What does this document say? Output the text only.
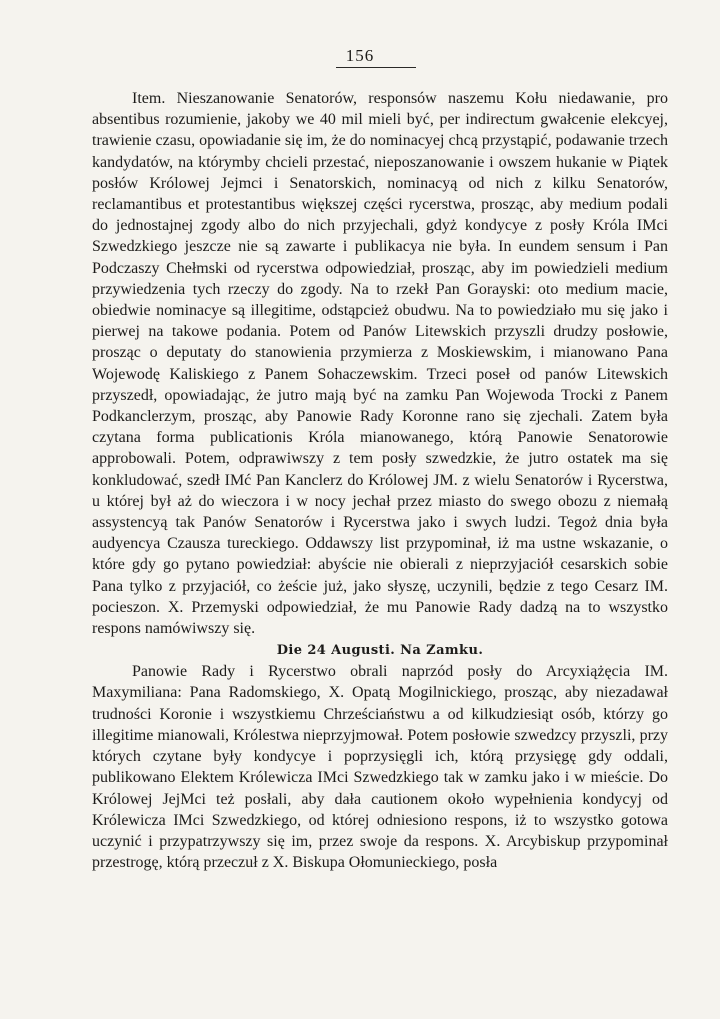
156

Item. Nieszanowanie Senatorów, responsów naszemu Kołu niedawanie, pro absentibus rozumienie, jakoby we 40 mil mieli być, per indirectum gwałcenie elekcyej, trawienie czasu, opowiadanie się im, że do nominacyej chcą przystąpić, podawanie trzech kandydatów, na którymby chcieli przestać, nieposzanowanie i owszem hukanie w Piątek posłów Królowej Jejmci i Senatorskich, nominacyą od nich z kilku Senatorów, reclamantibus et protestantibus większej części rycerstwa, prosząc, aby medium podali do jednostajnej zgody albo do nich przyjechali, gdyż kondycye z posły Króla IMci Szwedzkiego jeszcze nie są zawarte i publikacya nie była. In eundem sensum i Pan Podczaszy Chełmski od rycerstwa odpowiedział, prosząc, aby im powiedzieli medium przywiedzenia tych rzeczy do zgody. Na to rzekł Pan Gorayski: oto medium macie, obiedwie nominacye są illegitime, odstąpcież obudwu. Na to powiedziało mu się jako i pierwej na takowe podania. Potem od Panów Litewskich przyszli drudzy posłowie, prosząc o deputaty do stanowienia przymierza z Moskiewskim, i mianowano Pana Wojewodę Kaliskiego z Panem Sohaczewskim. Trzeci poseł od panów Litewskich przyszedł, opowiadając, że jutro mają być na zamku Pan Wojewoda Trocki z Panem Podkanclerzym, prosząc, aby Panowie Rady Koronne rano się zjechali. Zatem była czytana forma publicationis Króla mianowanego, którą Panowie Senatorowie approbowali. Potem, odprawiwszy z tem posły szwedzkie, że jutro ostatek ma się konkludować, szedł IMć Pan Kanclerz do Królowej JM. z wielu Senatorów i Rycerstwa, u której był aż do wieczora i w nocy jechał przez miasto do swego obozu z niemałą assystencyą tak Panów Senatorów i Rycerstwa jako i swych ludzi. Tegoż dnia była audyencya Czausza tureckiego. Oddawszy list przypominał, iż ma ustne wskazanie, o które gdy go pytano powiedział: abyście nie obierali z nieprzyjaciół cesarskich sobie Pana tylko z przyjaciół, co żeście już, jako słyszę, uczynili, będzie z tego Cesarz IM. pocieszon. X. Przemyski odpowiedział, że mu Panowie Rady dadzą na to wszystko respons namówiwszy się.

Die 24 Augusti. Na Zamku.

Panowie Rady i Rycerstwo obrali naprzód posły do Arcyxiążęcia IM. Maxymiliana: Pana Radomskiego, X. Opatą Mogilnickiego, prosząc, aby niezadawał trudności Koronie i wszystkiemu Chrześciaństwu a od kilkudziesiąt osób, którzy go illegitime mianowali, Królestwa nieprzyjmował. Potem posłowie szwedzcy przyszli, przy których czytane były kondycye i poprzysięgli ich, którą przysięgę gdy oddali, publikowano Elektem Królewicza IMci Szwedzkiego tak w zamku jako i w mieście. Do Królowej JejMci też posłali, aby dała cautionem około wypełnienia kondycyj od Królewicza IMci Szwedzkiego, od której odniesiono respons, iż to wszystko gotowa uczynić i przypatrzywszy się im, przez swoje da respons. X. Arcybiskup przypominał przestrogę, którą przeczuł z X. Biskupa Ołomunieckiego, posła
